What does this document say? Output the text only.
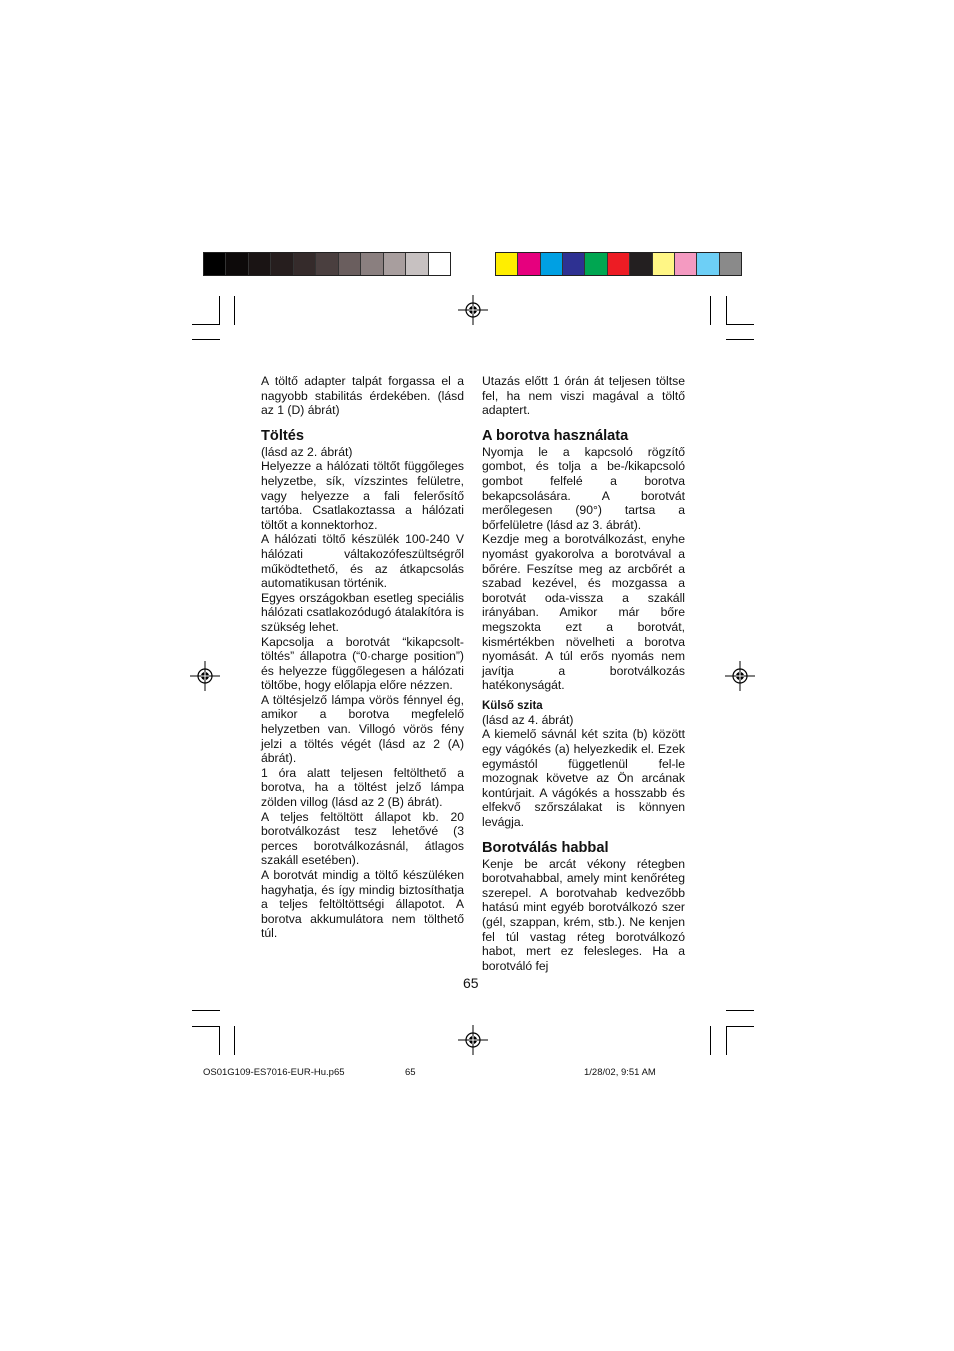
A töltő adapter talpát forgassa el a nagyobb stabilitás érdekében. (lásd az 1 (D) ábrát)

Töltés

(lásd az 2. ábrát)

Helyezze a hálózati töltőt függőleges helyzetbe, sík, vízszintes felületre, vagy helyezze a fali felerősítő tartóba. Csatlakoztassa a hálózati töltőt a konnektorhoz.

A hálózati töltő készülék 100-240 V hálózati váltakozófeszültségről működtethető, és az átkapcsolás automatikusan történik.

Egyes országokban esetleg speciális hálózati csatlakozódugó átalakítóra is szükség lehet.

Kapcsolja a borotvát “kikapcsolt-töltés” állapotra (“0·charge position”) és helyezze függőlegesen a hálózati töltőbe, hogy előlapja előre nézzen.

A töltésjelző lámpa vörös fénnyel ég, amikor a borotva megfelelő helyzetben van. Villogó vörös fény jelzi a töltés végét (lásd az 2 (A) ábrát).

1 óra alatt teljesen feltölthető a borotva, ha a töltést jelző lámpa zölden villog (lásd az 2 (B) ábrát).

A teljes feltöltött állapot kb. 20 borotválkozást tesz lehetővé (3 perces borotválkozásnál, átlagos szakáll esetében).

A borotvát mindig a töltő készüléken hagyhatja, és így mindig biztosíthatja a teljes feltöltöttségi állapotot. A borotva akkumulátora nem tölthető túl.

Utazás előtt 1 órán át teljesen töltse fel, ha nem viszi magával a töltő adaptert.

A borotva használata

Nyomja le a kapcsoló rögzítő gombot, és tolja a be-/kikapcsoló gombot felfelé a borotva bekapcsolására. A borotvát merőlegesen (90°) tartsa a bőrfelületre (lásd az 3. ábrát).

Kezdje meg a borotválkozást, enyhe nyomást gyakorolva a borotvával a bőrére. Feszítse meg az arcbőrét a szabad kezével, és mozgassa a borotvát oda-vissza a szakáll irányában. Amikor már bőre megszokta ezt a borotvát, kismértékben növelheti a borotva nyomását. A túl erős nyomás nem javítja a borotválkozás hatékonyságát.

Külső szita

(lásd az 4. ábrát)

A kiemelő sávnál két szita (b) között egy vágókés (a) helyezkedik el. Ezek egymástól függetlenül fel-le mozognak követve az Ön arcának kontúrjait. A vágókés a hosszabb és elfekvő szőrszálakat is könnyen levágja.

Borotválás habbal

Kenje be arcát vékony rétegben borotvahabbal, amely mint kenőréteg szerepel. A borotvahab kedvezőbb hatású mint egyéb borotválkozó szer (gél, szappan, krém, stb.). Ne kenjen fel túl vastag réteg borotválkozó habot, mert ez felesleges. Ha a borotváló fej

65
OS01G109-ES7016-EUR-Hu.p65	65	1/28/02, 9:51 AM
